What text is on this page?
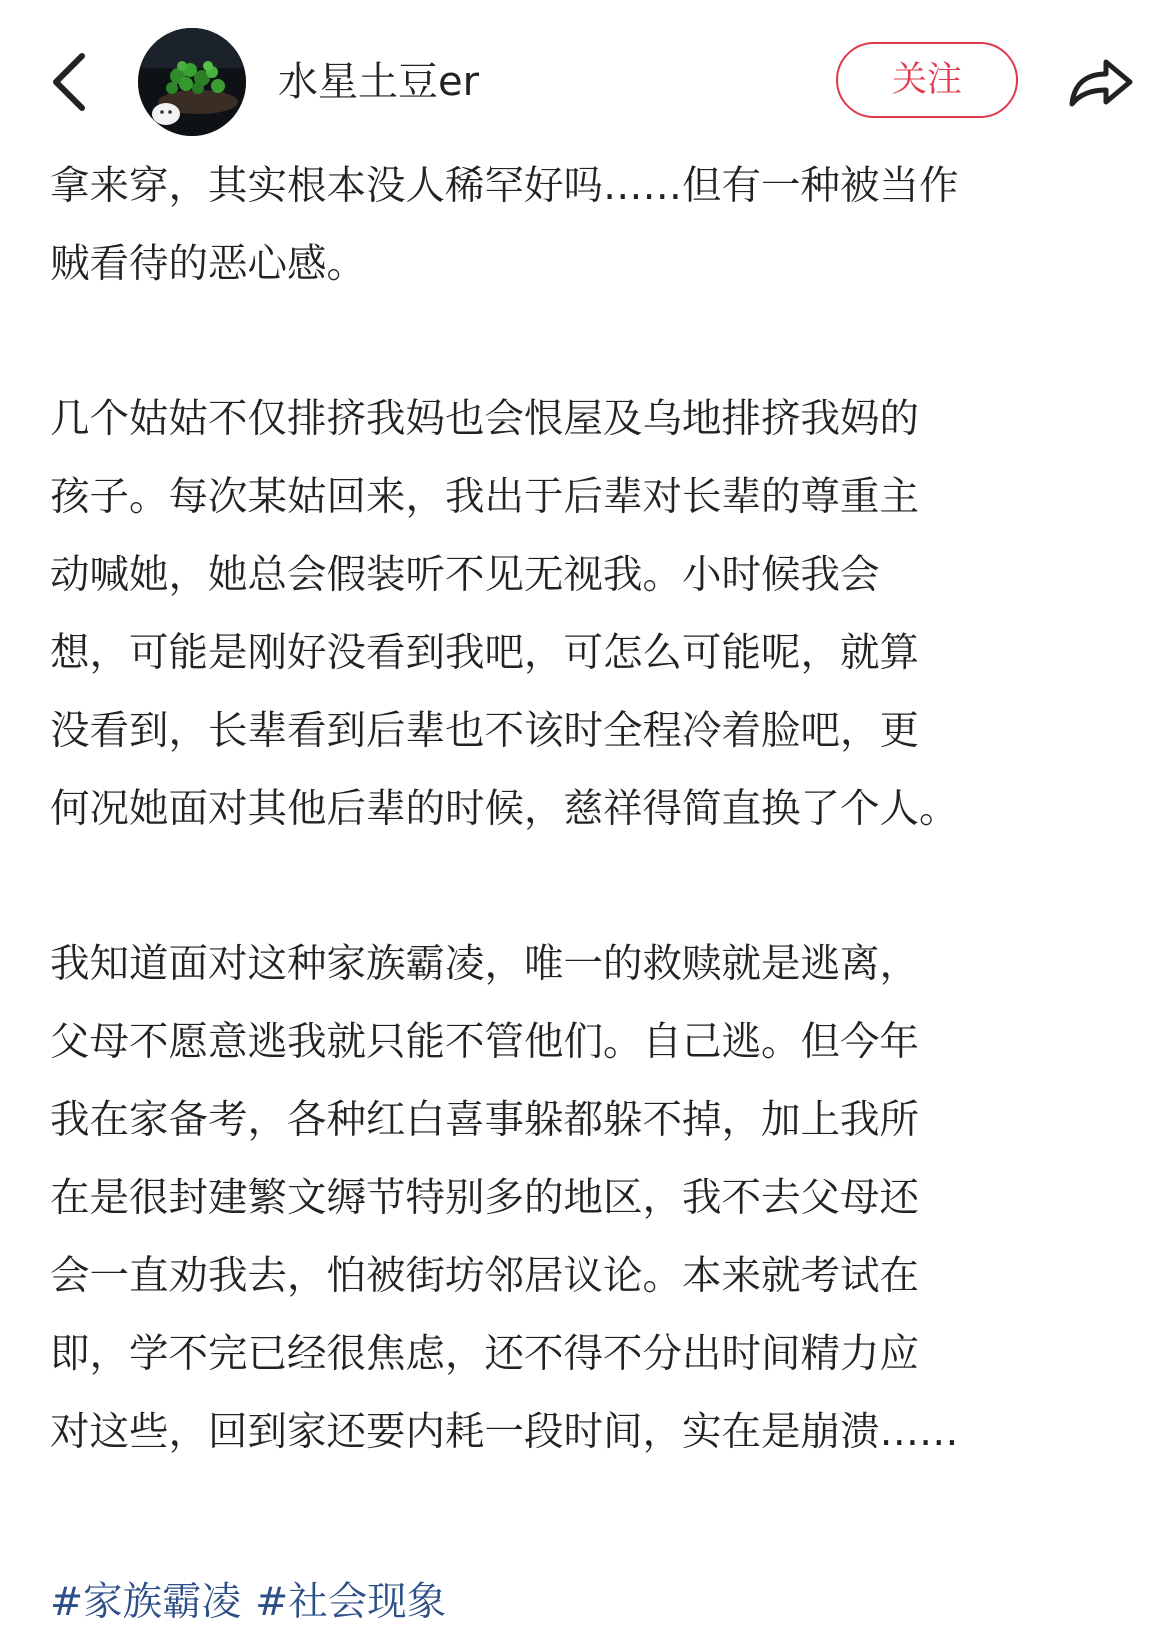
水星土豆er	关注

拿来穿，其实根本没人稀罕好吗……但有一种被当作
贼看待的恶心感。

几个姑姑不仅排挤我妈也会恨屋及乌地排挤我妈的
孩子。每次某姑回来，我出于后辈对长辈的尊重主
动喊她，她总会假装听不见无视我。小时候我会
想，可能是刚好没看到我吧，可怎么可能呢，就算
没看到，长辈看到后辈也不该时全程冷着脸吧，更
何况她面对其他后辈的时候，慈祥得简直换了个人。

我知道面对这种家族霸凌，唯一的救赎就是逃离，
父母不愿意逃我就只能不管他们。自己逃。但今年
我在家备考，各种红白喜事躲都躲不掉，加上我所
在是很封建繁文缛节特别多的地区，我不去父母还
会一直劝我去，怕被街坊邻居议论。本来就考试在
即，学不完已经很焦虑，还不得不分出时间精力应
对这些，回到家还要内耗一段时间，实在是崩溃……

#家族霸凌 #社会现象
